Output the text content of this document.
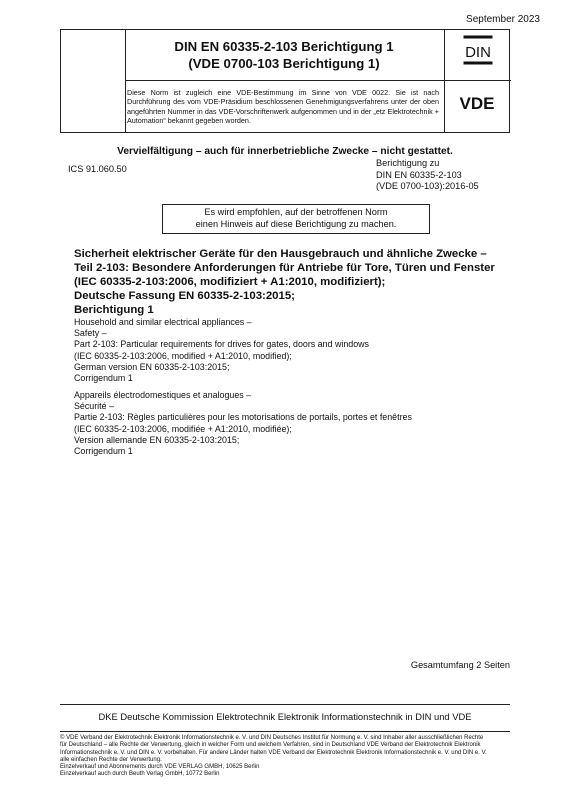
September 2023
DIN EN 60335-2-103 Berichtigung 1
(VDE 0700-103 Berichtigung 1)
Diese Norm ist zugleich eine VDE-Bestimmung im Sinne von VDE 0022. Sie ist nach Durchführung des vom VDE-Präsidium beschlossenen Genehmigungsverfahrens unter der oben angeführten Nummer in das VDE-Vorschriftenwerk aufgenommen und in der „etz Elektrotechnik + Automation“ bekannt gegeben worden.
DIN
VDE
Vervielfältigung – auch für innerbetriebliche Zwecke – nicht gestattet.
ICS 91.060.50
Berichtigung zu
DIN EN 60335-2-103
(VDE 0700-103):2016-05
Es wird empfohlen, auf der betroffenen Norm
einen Hinweis auf diese Berichtigung zu machen.
Sicherheit elektrischer Geräte für den Hausgebrauch und ähnliche Zwecke –
Teil 2-103: Besondere Anforderungen für Antriebe für Tore, Türen und Fenster
(IEC 60335-2-103:2006, modifiziert + A1:2010, modifiziert);
Deutsche Fassung EN 60335-2-103:2015;
Berichtigung 1
Household and similar electrical appliances –
Safety –
Part 2-103: Particular requirements for drives for gates, doors and windows
(IEC 60335-2-103:2006, modified + A1:2010, modified);
German version EN 60335-2-103:2015;
Corrigendum 1
Appareils électrodomestiques et analogues –
Sécurité –
Partie 2-103: Règles particulières pour les motorisations de portails, portes et fenêtres
(IEC 60335-2-103:2006, modifiée + A1:2010, modifiée);
Version allemande EN 60335-2-103:2015;
Corrigendum 1
Gesamtumfang 2 Seiten
DKE Deutsche Kommission Elektrotechnik Elektronik Informationstechnik in DIN und VDE
© VDE Verband der Elektrotechnik Elektronik Informationstechnik e. V. und DIN Deutsches Institut für Normung e. V. sind Inhaber aller ausschließlichen Rechte
für Deutschland – alle Rechte der Verwertung, gleich in welcher Form und welchem Verfahren, sind in Deutschland VDE Verband der Elektrotechnik Elektronik
Informationstechnik e. V. und DIN e. V. vorbehalten. Für andere Länder halten VDE Verband der Elektrotechnik Elektronik Informationstechnik e. V. und DIN e. V.
alle einfachen Rechte der Verwertung.
Einzelverkauf und Abonnements durch VDE VERLAG GMBH, 10625 Berlin
Einzelverkauf auch durch Beuth Verlag GmbH, 10772 Berlin
